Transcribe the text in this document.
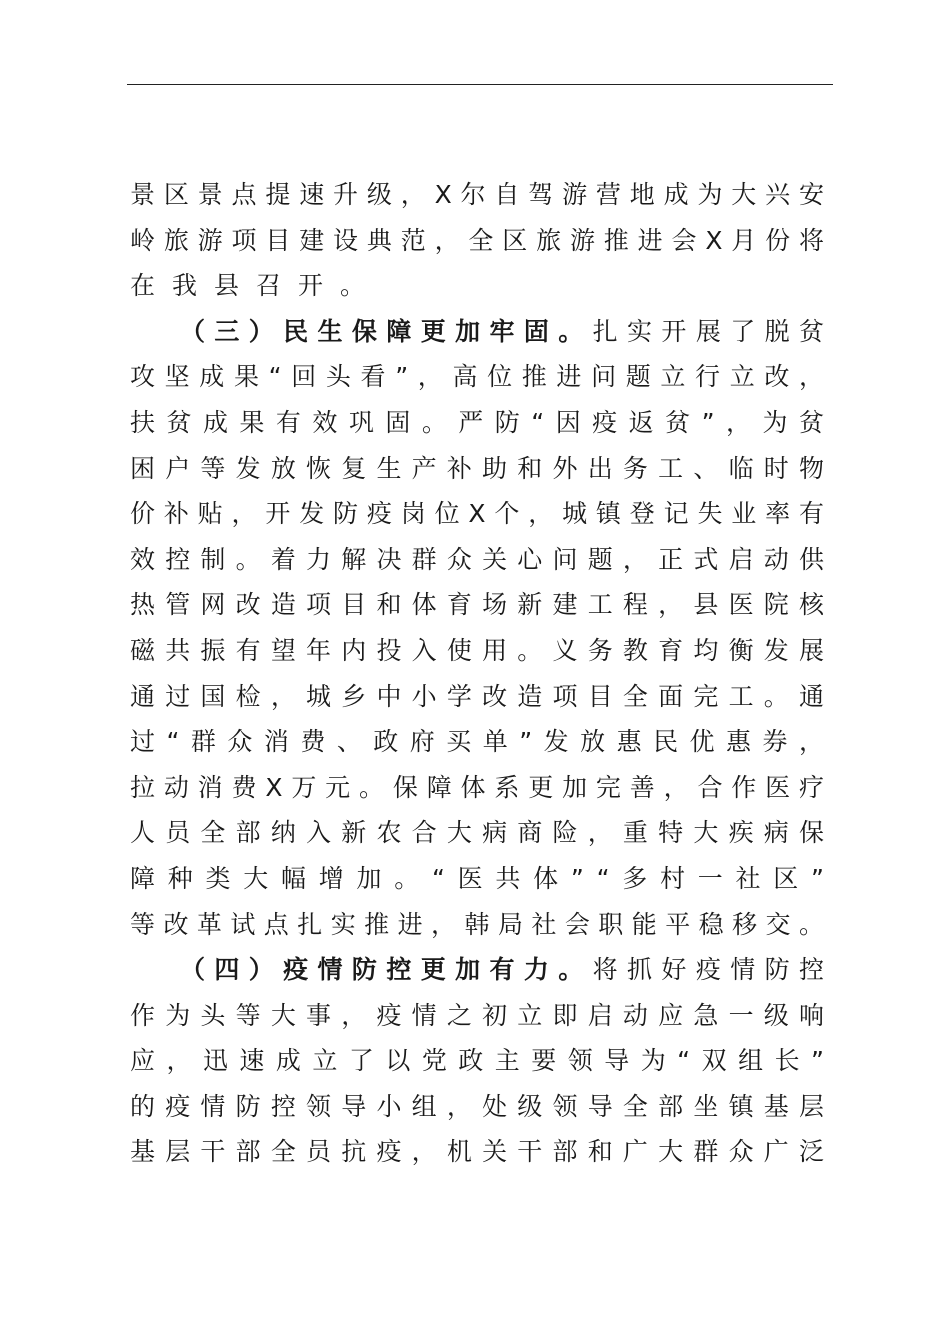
景区景点提速升级，X尔自驾游营地成为大兴安
岭旅游项目建设典范，全区旅游推进会X月份将
在我县召开。
（三）民生保障更加牢固。扎实开展了脱贫
攻坚成果“回头看”，高位推进问题立行立改，
扶贫成果有效巩固。严防“因疫返贫”，为贫
困户等发放恢复生产补助和外出务工、临时物
价补贴，开发防疫岗位X个，城镇登记失业率有
效控制。着力解决群众关心问题，正式启动供
热管网改造项目和体育场新建工程，县医院核
磁共振有望年内投入使用。义务教育均衡发展
通过国检，城乡中小学改造项目全面完工。通
过“群众消费、政府买单”发放惠民优惠券，
拉动消费X万元。保障体系更加完善，合作医疗
人员全部纳入新农合大病商险，重特大疾病保
障种类大幅增加。“医共体”“多村一社区”
等改革试点扎实推进，韩局社会职能平稳移交。
（四）疫情防控更加有力。将抓好疫情防控
作为头等大事，疫情之初立即启动应急一级响
应，迅速成立了以党政主要领导为“双组长”
的疫情防控领导小组，处级领导全部坐镇基层
基层干部全员抗疫，机关干部和广大群众广泛
